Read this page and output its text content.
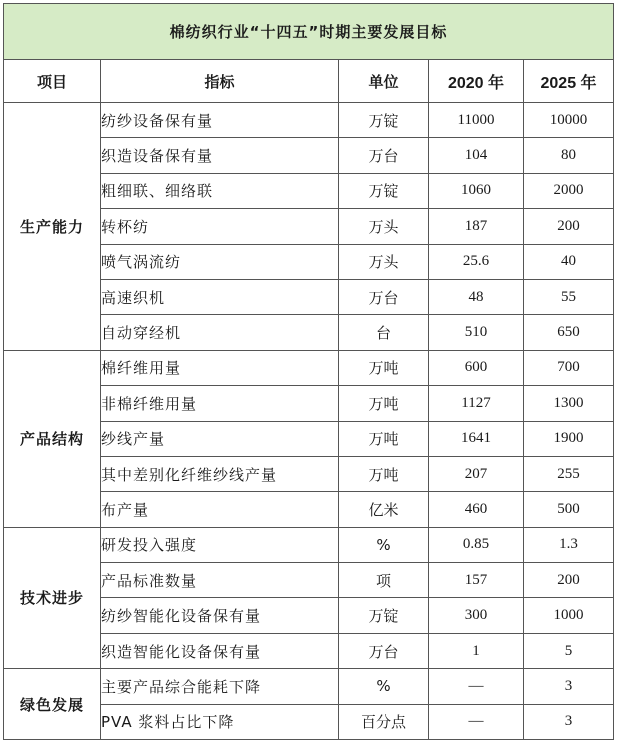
棉纺织行业“十四五”时期主要发展目标				
项目	指标	单位	2020 年	2025 年
生产能力	纺纱设备保有量	万锭	11000	10000
	织造设备保有量	万台	104	80
	粗细联、细络联	万锭	1060	2000
	转杯纺	万头	187	200
	喷气涡流纺	万头	25.6	40
	高速织机	万台	48	55
	自动穿经机	台	510	650
产品结构	棉纤维用量	万吨	600	700
	非棉纤维用量	万吨	1127	1300
	纱线产量	万吨	1641	1900
	其中差别化纤维纱线产量	万吨	207	255
	布产量	亿米	460	500
技术进步	研发投入强度	%	0.85	1.3
	产品标准数量	项	157	200
	纺纱智能化设备保有量	万锭	300	1000
	织造智能化设备保有量	万台	1	5
绿色发展	主要产品综合能耗下降	%	—	3
	PVA 浆料占比下降	百分点	—	3
